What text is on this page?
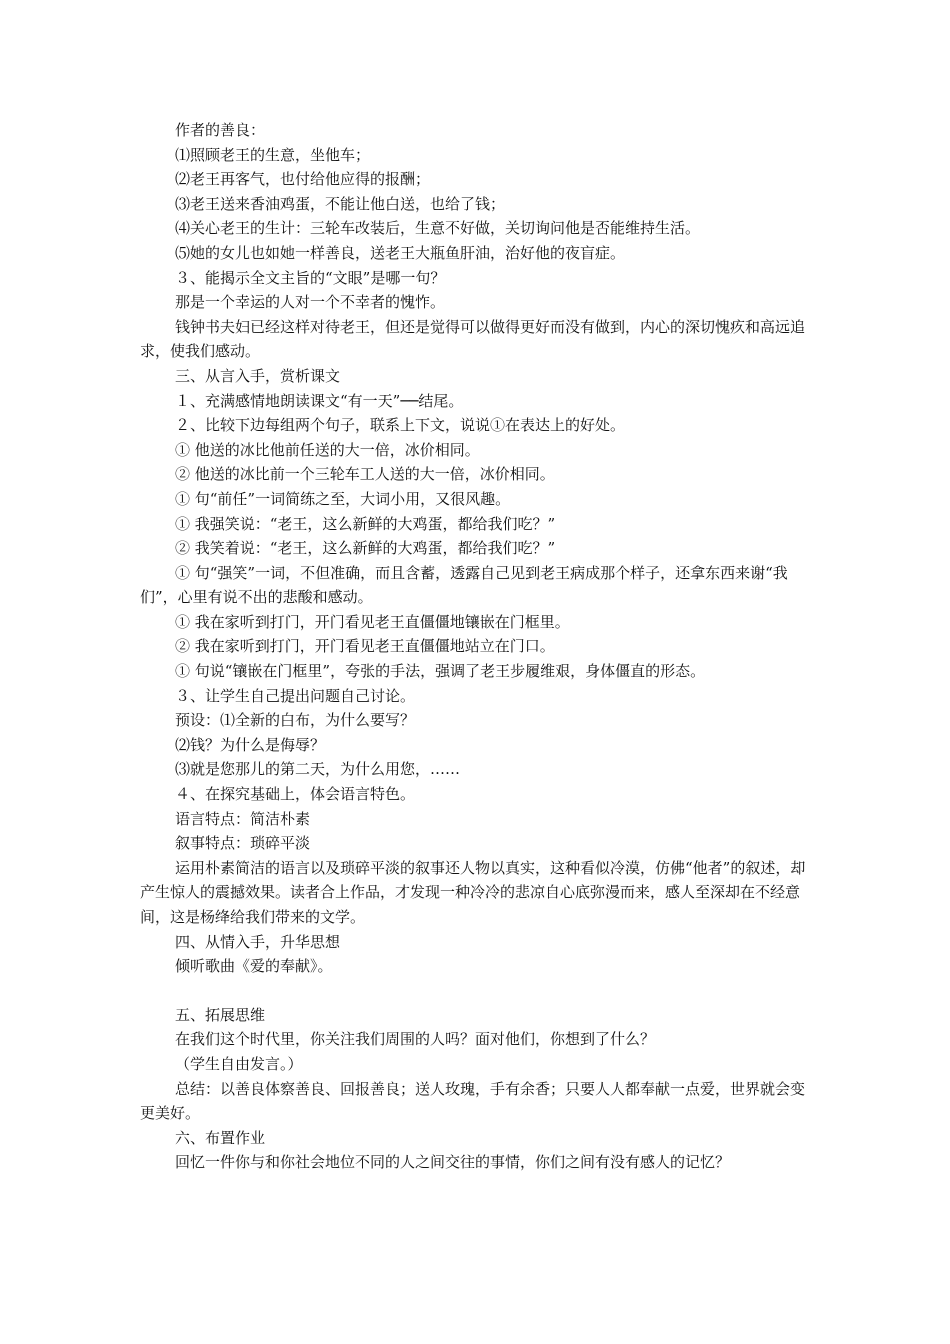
作者的善良：

⑴照顾老王的生意，坐他车；

⑵老王再客气，也付给他应得的报酬；

⑶老王送来香油鸡蛋，不能让他白送，也给了钱；

⑷关心老王的生计：三轮车改装后，生意不好做，关切询问他是否能维持生活。

⑸她的女儿也如她一样善良，送老王大瓶鱼肝油，治好他的夜盲症。

３、能揭示全文主旨的“文眼”是哪一句？

那是一个幸运的人对一个不幸者的愧怍。

钱钟书夫妇已经这样对待老王，但还是觉得可以做得更好而没有做到，内心的深切愧疚和高远追求，使我们感动。

三、从言入手，赏析课文

１、充满感情地朗读课文“有一天”──结尾。

２、比较下边每组两个句子，联系上下文，说说①在表达上的好处。

① 他送的冰比他前任送的大一倍，冰价相同。

② 他送的冰比前一个三轮车工人送的大一倍，冰价相同。

① 句“前任”一词简练之至，大词小用，又很风趣。

① 我强笑说：“老王，这么新鲜的大鸡蛋，都给我们吃？”

② 我笑着说：“老王，这么新鲜的大鸡蛋，都给我们吃？”

① 句“强笑”一词，不但准确，而且含蓄，透露自己见到老王病成那个样子，还拿东西来谢“我们”，心里有说不出的悲酸和感动。

① 我在家听到打门，开门看见老王直僵僵地镶嵌在门框里。

② 我在家听到打门，开门看见老王直僵僵地站立在门口。

① 句说“镶嵌在门框里”，夸张的手法，强调了老王步履维艰，身体僵直的形态。

３、让学生自己提出问题自己讨论。

预设：⑴全新的白布，为什么要写？

⑵钱？为什么是侮辱？

⑶就是您那儿的第二天，为什么用您，……

４、在探究基础上，体会语言特色。

语言特点：简洁朴素

叙事特点：琐碎平淡

运用朴素简洁的语言以及琐碎平淡的叙事还人物以真实，这种看似冷漠，仿佛“他者”的叙述，却产生惊人的震撼效果。读者合上作品，才发现一种冷冷的悲凉自心底弥漫而来，感人至深却在不经意间，这是杨绛给我们带来的文学。

四、从情入手，升华思想

倾听歌曲《爱的奉献》。

五、拓展思维

在我们这个时代里，你关注我们周围的人吗？面对他们，你想到了什么？

（学生自由发言。）

总结：以善良体察善良、回报善良；送人玫瑰，手有余香；只要人人都奉献一点爱，世界就会变更美好。

六、布置作业

回忆一件你与和你社会地位不同的人之间交往的事情，你们之间有没有感人的记忆？
